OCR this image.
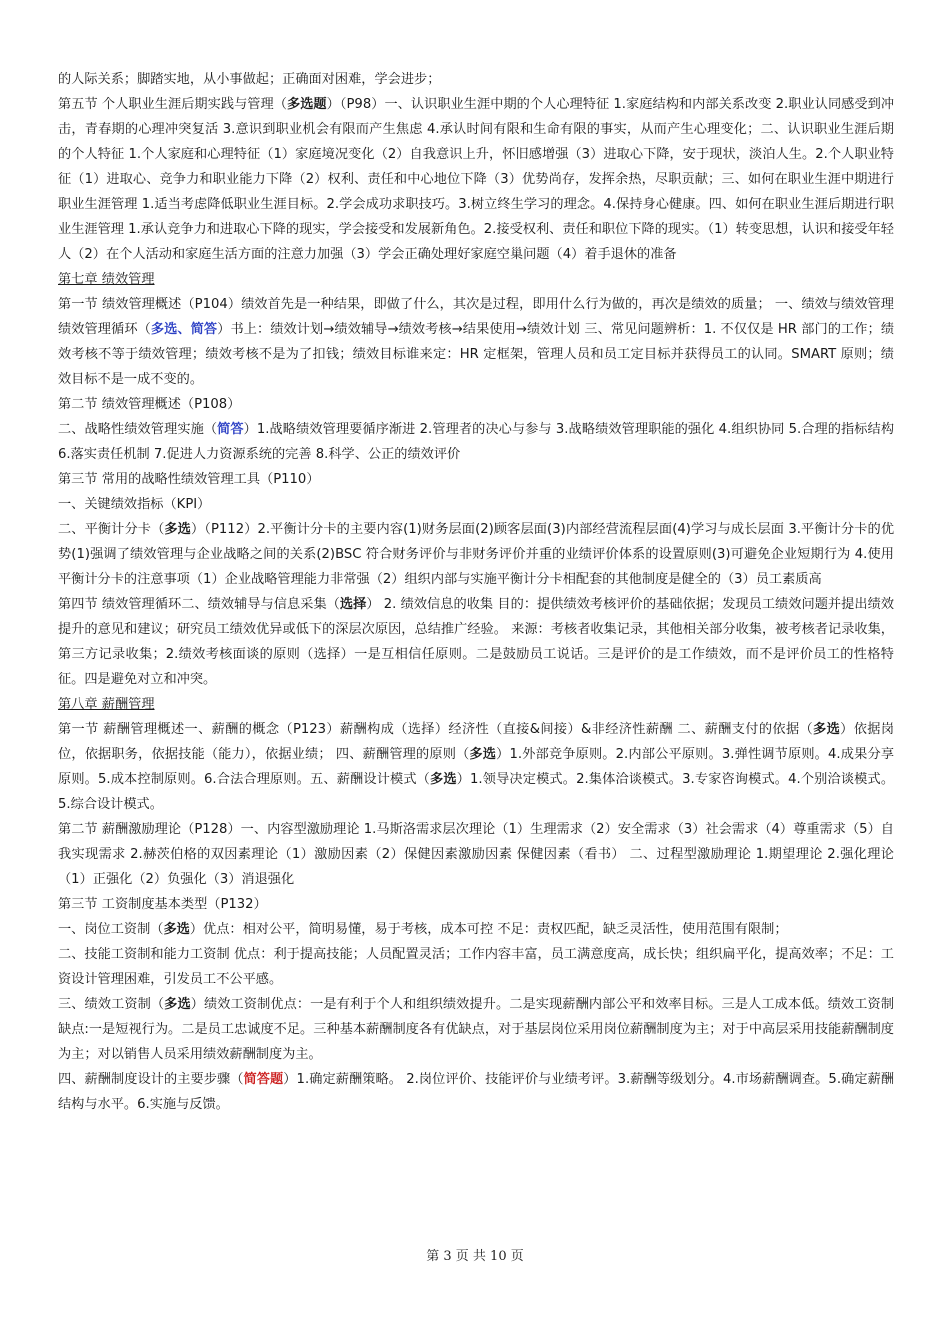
的人际关系；脚踏实地，从小事做起；正确面对困难，学会进步；

第五节 个人职业生涯后期实践与管理（多选题）（P98）一、认识职业生涯中期的个人心理特征 1.家庭结构和内部关系改变 2.职业认同感受到冲击，青春期的心理冲突复活 3.意识到职业机会有限而产生焦虑 4.承认时间有限和生命有限的事实，从而产生心理变化；二、认识职业生涯后期的个人特征 1.个人家庭和心理特征（1）家庭境况变化（2）自我意识上升，怀旧感增强（3）进取心下降，安于现状，淡泊人生。2.个人职业特征（1）进取心、竞争力和职业能力下降（2）权利、责任和中心地位下降（3）优势尚存，发挥余热，尽职贡献；三、如何在职业生涯中期进行职业生涯管理 1.适当考虑降低职业生涯目标。2.学会成功求职技巧。3.树立终生学习的理念。4.保持身心健康。四、如何在职业生涯后期进行职业生涯管理 1.承认竞争力和进取心下降的现实，学会接受和发展新角色。2.接受权利、责任和职位下降的现实。（1）转变思想，认识和接受年轻人（2）在个人活动和家庭生活方面的注意力加强（3）学会正确处理好家庭空巢问题（4）着手退休的准备

第七章 绩效管理

第一节 绩效管理概述（P104）绩效首先是一种结果，即做了什么，其次是过程，即用什么行为做的，再次是绩效的质量； 一、绩效与绩效管理绩效管理循环（多选、简答）书上：绩效计划→绩效辅导→绩效考核→结果使用→绩效计划 三、常见问题辨析：1. 不仅仅是 HR 部门的工作；绩效考核不等于绩效管理；绩效考核不是为了扣钱；绩效目标谁来定：HR 定框架，管理人员和员工定目标并获得员工的认同。SMART 原则；绩效目标不是一成不变的。

第二节 绩效管理概述（P108）

二、战略性绩效管理实施（简答）1.战略绩效管理要循序渐进 2.管理者的决心与参与 3.战略绩效管理职能的强化 4.组织协同 5.合理的指标结构 6.落实责任机制 7.促进人力资源系统的完善 8.科学、公正的绩效评价

第三节 常用的战略性绩效管理工具（P110）

一、关键绩效指标（KPI）

二、平衡计分卡（多选）（P112）2.平衡计分卡的主要内容(1)财务层面(2)顾客层面(3)内部经营流程层面(4)学习与成长层面 3.平衡计分卡的优势(1)强调了绩效管理与企业战略之间的关系(2)BSC 符合财务评价与非财务评价并重的业绩评价体系的设置原则(3)可避免企业短期行为 4.使用平衡计分卡的注意事项（1）企业战略管理能力非常强（2）组织内部与实施平衡计分卡相配套的其他制度是健全的（3）员工素质高

第四节 绩效管理循环二、绩效辅导与信息采集（选择） 2. 绩效信息的收集 目的：提供绩效考核评价的基础依据；发现员工绩效问题并提出绩效提升的意见和建议；研究员工绩效优异或低下的深层次原因，总结推广经验。 来源：考核者收集记录，其他相关部分收集，被考核者记录收集，第三方记录收集；2.绩效考核面谈的原则（选择）一是互相信任原则。二是鼓励员工说话。三是评价的是工作绩效，而不是评价员工的性格特征。四是避免对立和冲突。

第八章 薪酬管理

第一节 薪酬管理概述一、薪酬的概念（P123）薪酬构成（选择）经济性（直接&间接）&非经济性薪酬 二、薪酬支付的依据（多选）依据岗位，依据职务，依据技能（能力），依据业绩； 四、薪酬管理的原则（多选）1.外部竞争原则。2.内部公平原则。3.弹性调节原则。4.成果分享原则。5.成本控制原则。6.合法合理原则。五、薪酬设计模式（多选）1.领导决定模式。2.集体洽谈模式。3.专家咨询模式。4.个别洽谈模式。5.综合设计模式。

第二节 薪酬激励理论（P128）一、内容型激励理论 1.马斯洛需求层次理论（1）生理需求（2）安全需求（3）社会需求（4）尊重需求（5）自我实现需求 2.赫茨伯格的双因素理论（1）激励因素（2）保健因素激励因素 保健因素（看书） 二、过程型激励理论 1.期望理论 2.强化理论（1）正强化（2）负强化（3）消退强化

第三节 工资制度基本类型（P132）

一、岗位工资制（多选）优点：相对公平，简明易懂，易于考核，成本可控 不足：责权匹配，缺乏灵活性，使用范围有限制；

二、技能工资制和能力工资制 优点：利于提高技能；人员配置灵活；工作内容丰富，员工满意度高，成长快；组织扁平化，提高效率；不足：工资设计管理困难，引发员工不公平感。

三、绩效工资制（多选）绩效工资制优点：一是有利于个人和组织绩效提升。二是实现薪酬内部公平和效率目标。三是人工成本低。绩效工资制缺点:一是短视行为。二是员工忠诚度不足。三种基本薪酬制度各有优缺点，对于基层岗位采用岗位薪酬制度为主；对于中高层采用技能薪酬制度为主；对以销售人员采用绩效薪酬制度为主。

四、薪酬制度设计的主要步骤（简答题）1.确定薪酬策略。 2.岗位评价、技能评价与业绩考评。3.薪酬等级划分。4.市场薪酬调查。5.确定薪酬结构与水平。6.实施与反馈。

第 3 页 共 10 页
